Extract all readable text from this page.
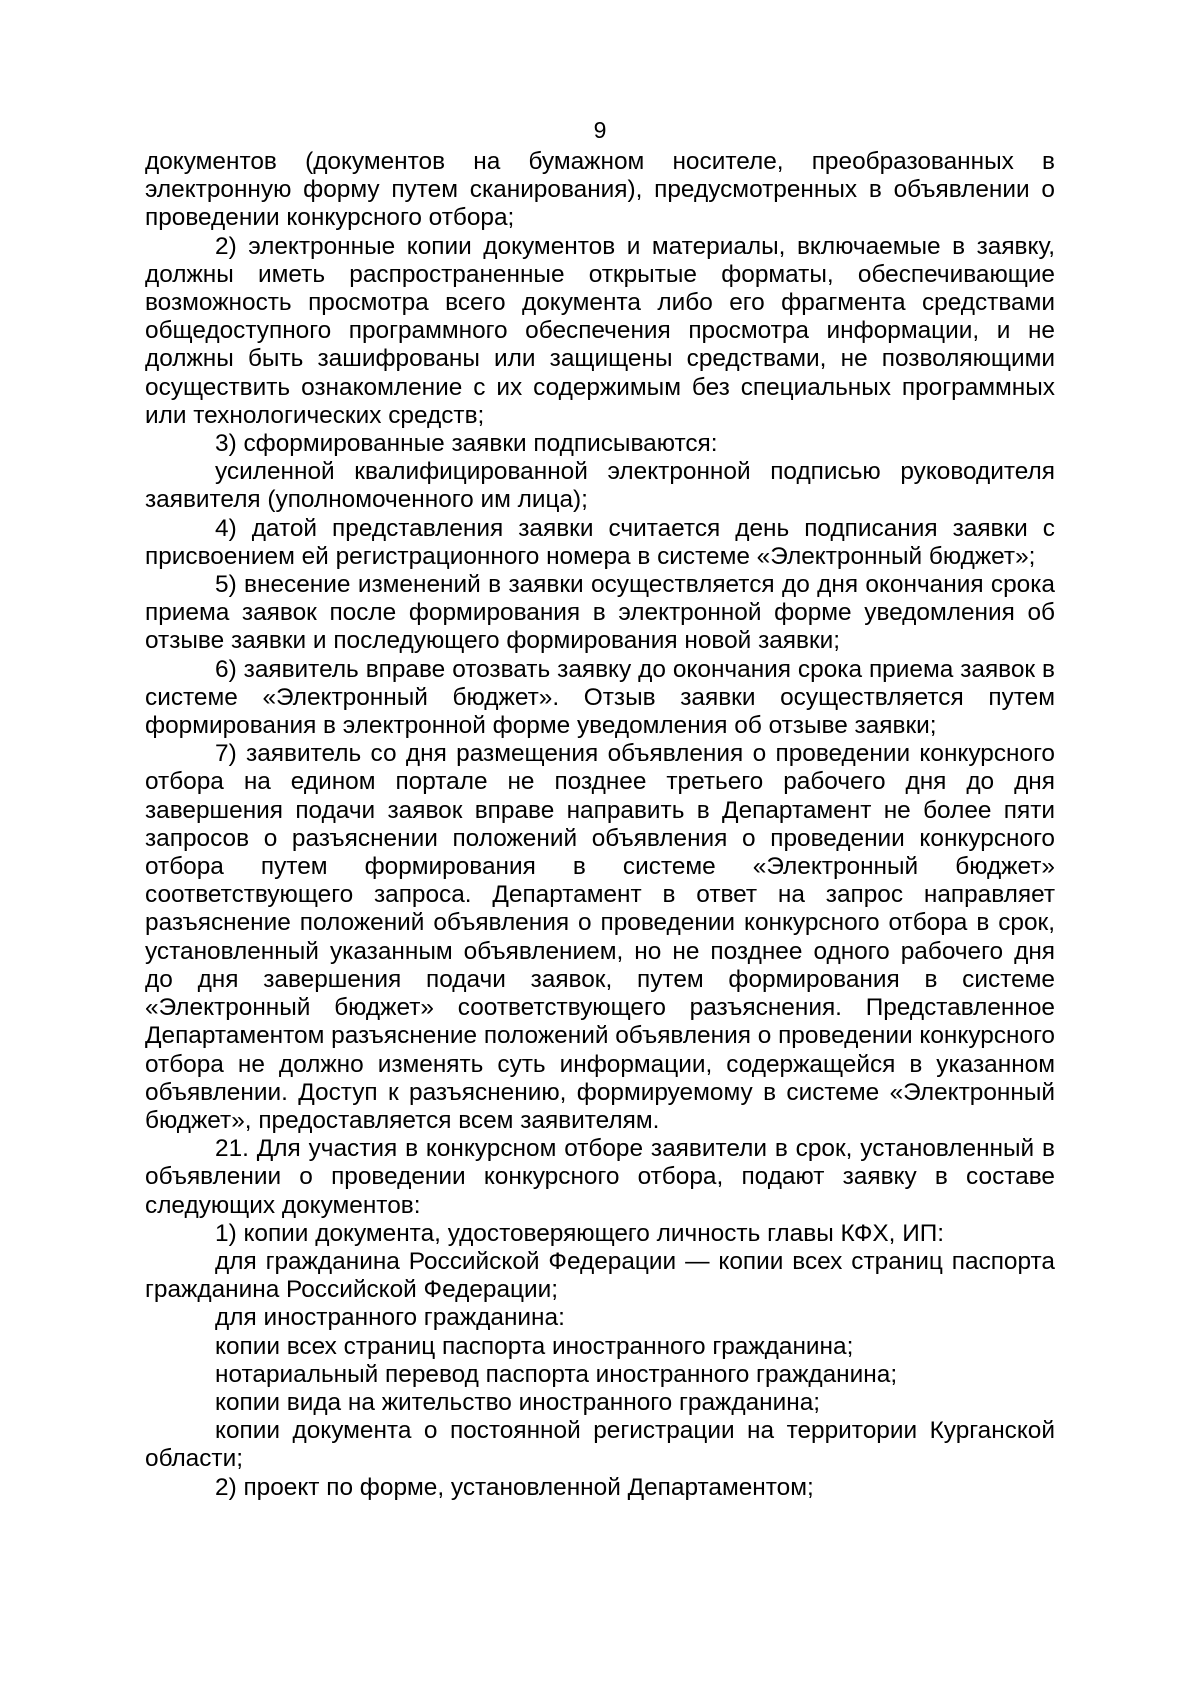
9

документов (документов на бумажном носителе, преобразованных в электронную форму путем сканирования), предусмотренных в объявлении о проведении конкурсного отбора;

2) электронные копии документов и материалы, включаемые в заявку, должны иметь распространенные открытые форматы, обеспечивающие возможность просмотра всего документа либо его фрагмента средствами общедоступного программного обеспечения просмотра информации, и не должны быть зашифрованы или защищены средствами, не позволяющими осуществить ознакомление с их содержимым без специальных программных или технологических средств;

3) сформированные заявки подписываются:

усиленной квалифицированной электронной подписью руководителя заявителя (уполномоченного им лица);

4) датой представления заявки считается день подписания заявки с присвоением ей регистрационного номера в системе «Электронный бюджет»;

5) внесение изменений в заявки осуществляется до дня окончания срока приема заявок после формирования в электронной форме уведомления об отзыве заявки и последующего формирования новой заявки;

6) заявитель вправе отозвать заявку до окончания срока приема заявок в системе «Электронный бюджет». Отзыв заявки осуществляется путем формирования в электронной форме уведомления об отзыве заявки;

7) заявитель со дня размещения объявления о проведении конкурсного отбора на едином портале не позднее третьего рабочего дня до дня завершения подачи заявок вправе направить в Департамент не более пяти запросов о разъяснении положений объявления о проведении конкурсного отбора путем формирования в системе «Электронный бюджет» соответствующего запроса. Департамент в ответ на запрос направляет разъяснение положений объявления о проведении конкурсного отбора в срок, установленный указанным объявлением, но не позднее одного рабочего дня до дня завершения подачи заявок, путем формирования в системе «Электронный бюджет» соответствующего разъяснения. Представленное Департаментом разъяснение положений объявления о проведении конкурсного отбора не должно изменять суть информации, содержащейся в указанном объявлении. Доступ к разъяснению, формируемому в системе «Электронный бюджет», предоставляется всем заявителям.

21. Для участия в конкурсном отборе заявители в срок, установленный в объявлении о проведении конкурсного отбора, подают заявку в составе следующих документов:

1) копии документа, удостоверяющего личность главы КФХ, ИП:

для гражданина Российской Федерации — копии всех страниц паспорта гражданина Российской Федерации;

для иностранного гражданина:

копии всех страниц паспорта иностранного гражданина;

нотариальный перевод паспорта иностранного гражданина;

копии вида на жительство иностранного гражданина;

копии документа о постоянной регистрации на территории Курганской области;

2) проект по форме, установленной Департаментом;
